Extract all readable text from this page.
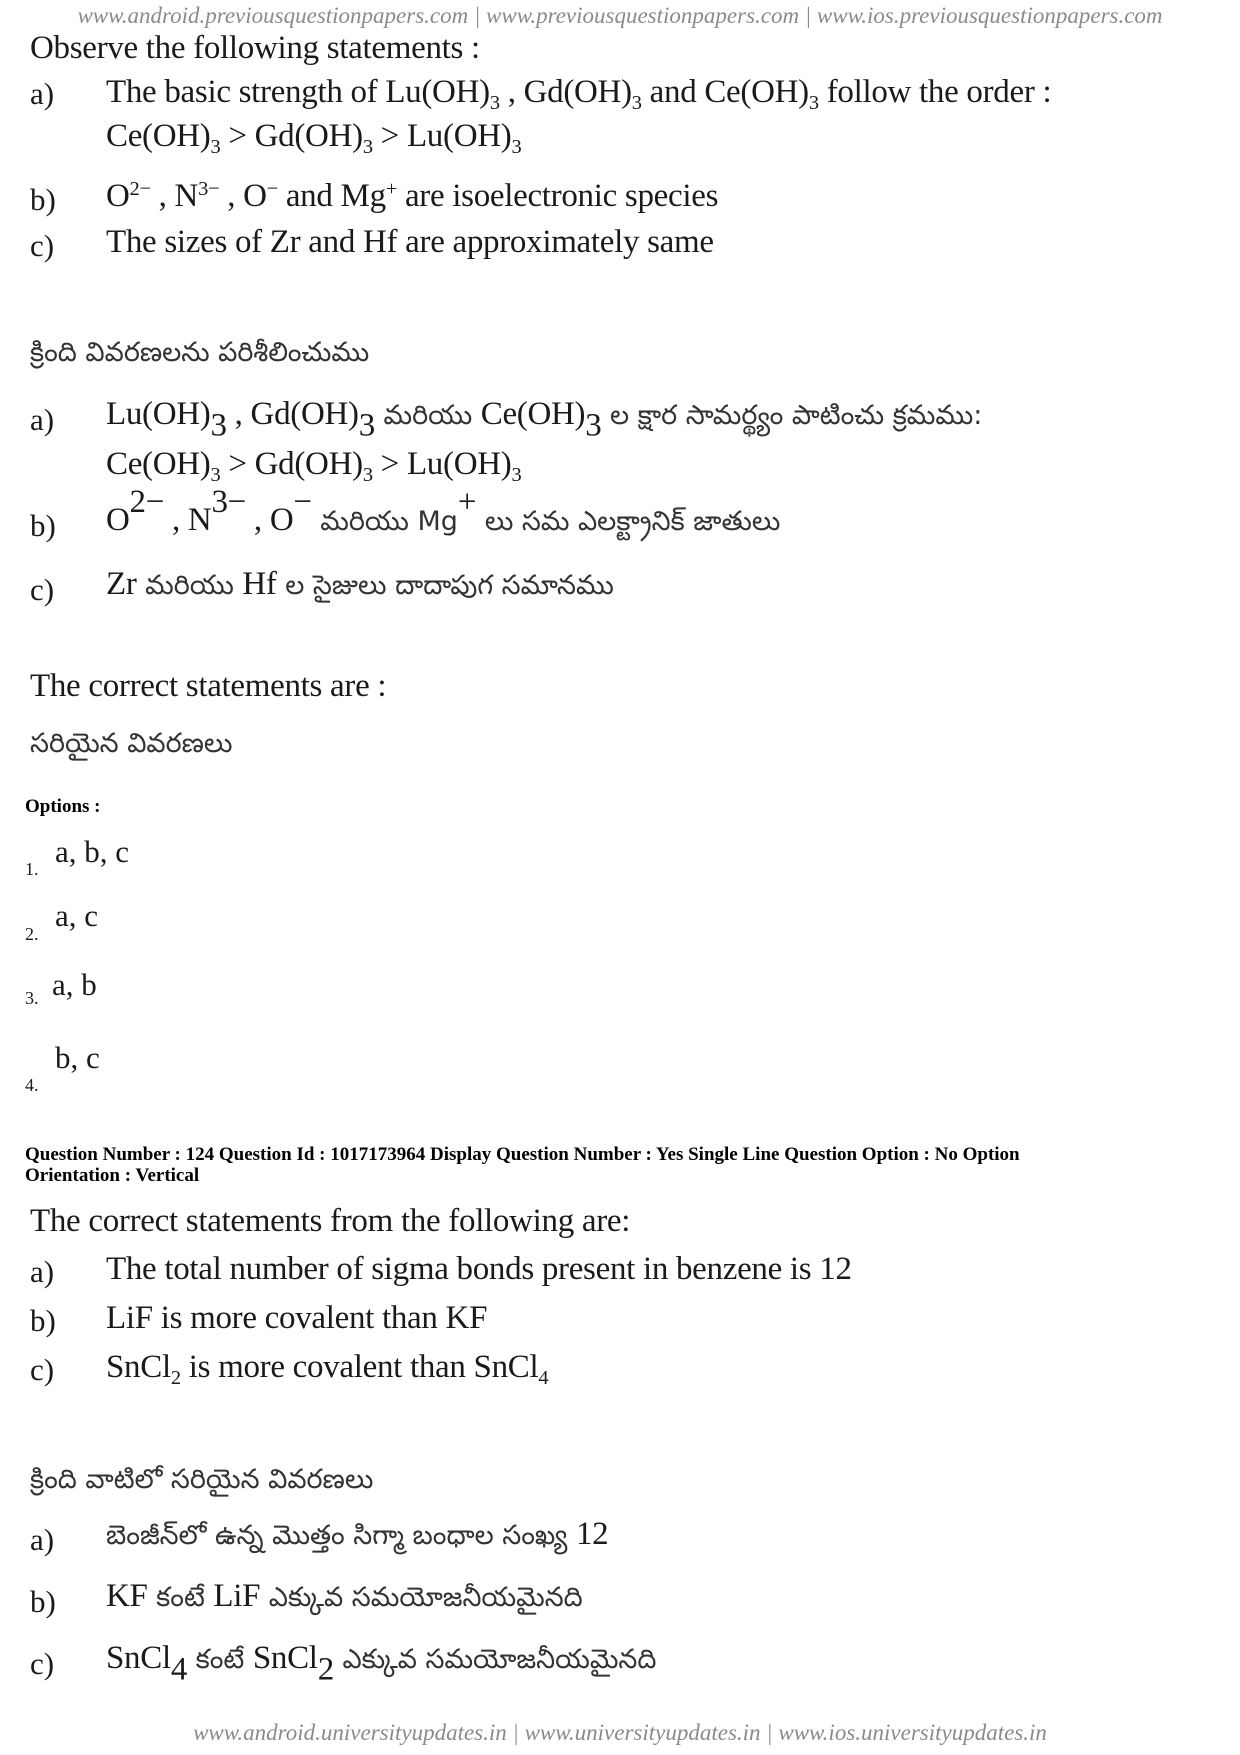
www.android.previousquestionpapers.com | www.previousquestionpapers.com | www.ios.previousquestionpapers.com
Observe the following statements :
a) The basic strength of $Lu(OH)_3$ , $Gd(OH)_3$ and $Ce(OH)_3$ follow the order :
$Ce(OH)_3 > Gd(OH)_3 > Lu(OH)_3$
b) $O^{2-}$ , $N^{3-}$ , O− and Mg+ are isoelectronic species
c) The sizes of Zr and Hf are approximately same
క్రింది వివరణలను పరిశీలించుము
a) $Lu(OH)_3$ , $Gd(OH)_3$ మరియు $Ce(OH)_3$ ల క్షార సామర్థ్యం పాటించు క్రమము:
$Ce(OH)_3 > Gd(OH)_3 > Lu(OH)_3$
b) $O^{2-}$ , $N^{3-}$ , O− మరియు Mg+ లు సమ ఎలక్ట్రానిక్ జాతులు
c) Zr మరియు Hf ల సైజులు దాదాపుగ సమానము
The correct statements are :
సరియైన వివరణలు
Options :
1. a, b, c
2.
a, c
3. a, b
4.
b, c
Question Number : 124 Question Id : 1017173964 Display Question Number : Yes Single Line Question Option : No Option
Orientation : Vertical
The correct statements from the following are:
a) The total number of sigma bonds present in benzene is 12
b) LiF is more covalent than KF
c) SnCl$_2$ is more covalent than SnCl$_4$
క్రింది వాటిలో సరియైన వివరణలు
a) బెంజీన్‌లో ఉన్న మొత్తం సిగ్మా బంధాల సంఖ్య 12
b) KF కంటే LiF ఎక్కువ సమయోజనీయమైనది
c) SnCl$_4$ కంటే SnCl$_2$ ఎక్కువ సమయోజనీయమైనది
www.android.universityupdates.in | www.universityupdates.in | www.ios.universityupdates.in
